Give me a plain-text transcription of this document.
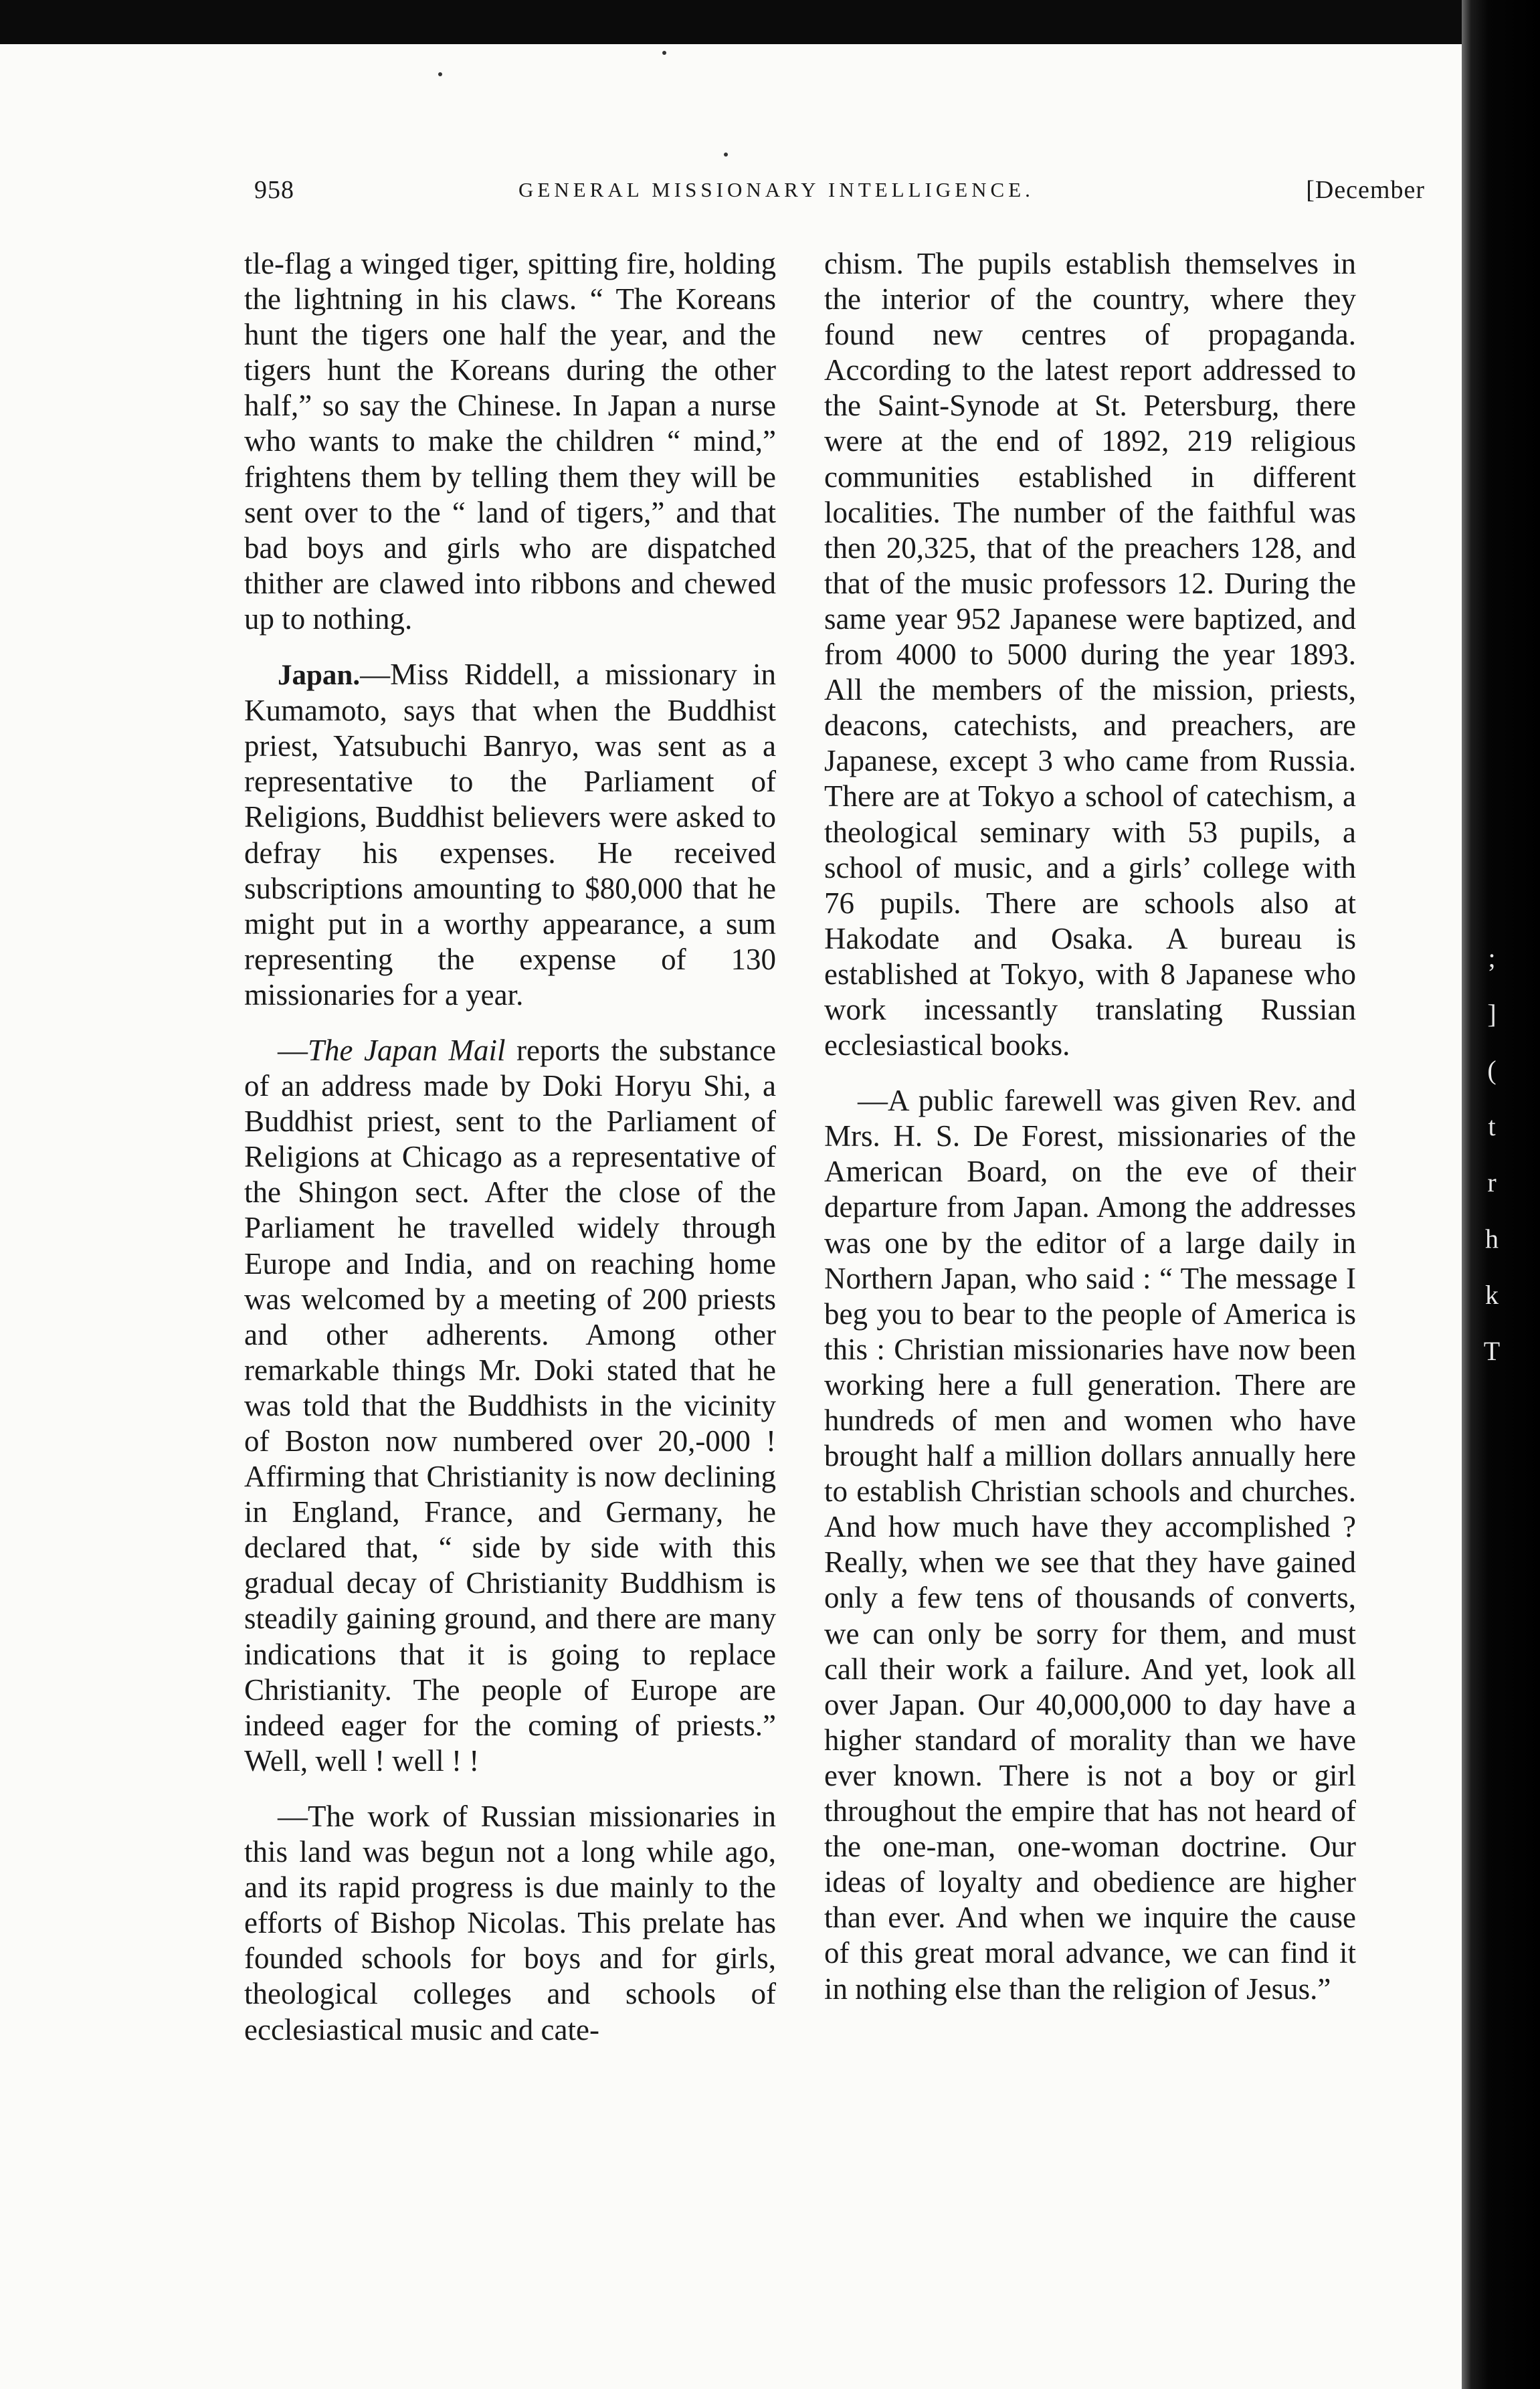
958	GENERAL MISSIONARY INTELLIGENCE.	[December

tle-flag a winged tiger, spitting fire, holding the lightning in his claws. “ The Koreans hunt the tigers one half the year, and the tigers hunt the Koreans during the other half,” so say the Chinese. In Japan a nurse who wants to make the children “ mind,” frightens them by telling them they will be sent over to the “ land of tigers,” and that bad boys and girls who are dispatched thither are clawed into ribbons and chewed up to nothing.

Japan.—Miss Riddell, a missionary in Kumamoto, says that when the Buddhist priest, Yatsubuchi Banryo, was sent as a representative to the Parliament of Religions, Buddhist believers were asked to defray his expenses. He received subscriptions amounting to $80,000 that he might put in a worthy appearance, a sum representing the expense of 130 missionaries for a year.

—The Japan Mail reports the substance of an address made by Doki Horyu Shi, a Buddhist priest, sent to the Parliament of Religions at Chicago as a representative of the Shingon sect. After the close of the Parliament he travelled widely through Europe and India, and on reaching home was welcomed by a meeting of 200 priests and other adherents. Among other remarkable things Mr. Doki stated that he was told that the Buddhists in the vicinity of Boston now numbered over 20,-000 ! Affirming that Christianity is now declining in England, France, and Germany, he declared that, “ side by side with this gradual decay of Christianity Buddhism is steadily gaining ground, and there are many indications that it is going to replace Christianity. The people of Europe are indeed eager for the coming of priests.” Well, well ! well ! !

—The work of Russian missionaries in this land was begun not a long while ago, and its rapid progress is due mainly to the efforts of Bishop Nicolas. This prelate has founded schools for boys and for girls, theological colleges and schools of ecclesiastical music and cate-

chism. The pupils establish themselves in the interior of the country, where they found new centres of propaganda. According to the latest report addressed to the Saint-Synode at St. Petersburg, there were at the end of 1892, 219 religious communities established in different localities. The number of the faithful was then 20,325, that of the preachers 128, and that of the music professors 12. During the same year 952 Japanese were baptized, and from 4000 to 5000 during the year 1893. All the members of the mission, priests, deacons, catechists, and preachers, are Japanese, except 3 who came from Russia. There are at Tokyo a school of catechism, a theological seminary with 53 pupils, a school of music, and a girls’ college with 76 pupils. There are schools also at Hakodate and Osaka. A bureau is established at Tokyo, with 8 Japanese who work incessantly translating Russian ecclesiastical books.

—A public farewell was given Rev. and Mrs. H. S. De Forest, missionaries of the American Board, on the eve of their departure from Japan. Among the addresses was one by the editor of a large daily in Northern Japan, who said : “ The message I beg you to bear to the people of America is this : Christian missionaries have now been working here a full generation. There are hundreds of men and women who have brought half a million dollars annually here to establish Christian schools and churches. And how much have they accomplished ? Really, when we see that they have gained only a few tens of thousands of converts, we can only be sorry for them, and must call their work a failure. And yet, look all over Japan. Our 40,000,000 to day have a higher standard of morality than we have ever known. There is not a boy or girl throughout the empire that has not heard of the one-man, one-woman doctrine. Our ideas of loyalty and obedience are higher than ever. And when we inquire the cause of this great moral advance, we can find it in nothing else than the religion of Jesus.”

;
]
(
t
r
h
k
T
